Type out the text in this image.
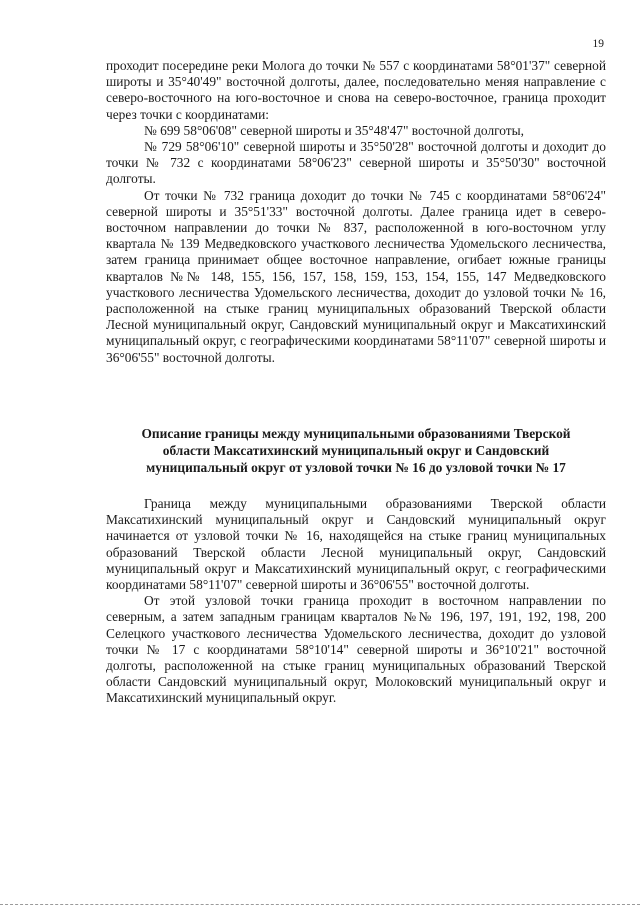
19

проходит посередине реки Молога до точки № 557 с координатами 58°01'37" северной широты и 35°40'49" восточной долготы, далее, последовательно меняя направление с северо-восточного на юго-восточное и снова на северо-восточное, граница проходит через точки с координатами:

№ 699 58°06'08" северной широты и 35°48'47" восточной долготы,

№ 729 58°06'10" северной широты и 35°50'28" восточной долготы и доходит до точки № 732 с координатами 58°06'23" северной широты и 35°50'30" восточной долготы.

От точки № 732 граница доходит до точки № 745 с координатами 58°06'24" северной широты и 35°51'33" восточной долготы. Далее граница идет в северо-восточном направлении до точки № 837, расположенной в юго-восточном углу квартала № 139 Медведковского участкового лесничества Удомельского лесничества, затем граница принимает общее восточное направление, огибает южные границы кварталов №№ 148, 155, 156, 157, 158, 159, 153, 154, 155, 147 Медведковского участкового лесничества Удомельского лесничества, доходит до узловой точки № 16, расположенной на стыке границ муниципальных образований Тверской области Лесной муниципальный округ, Сандовский муниципальный округ и Максатихинский муниципальный округ, с географическими координатами 58°11'07" северной широты и 36°06'55" восточной долготы.

Описание границы между муниципальными образованиями Тверской

области Максатихинский муниципальный округ и Сандовский

муниципальный округ от узловой точки № 16 до узловой точки № 17

Граница между муниципальными образованиями Тверской области Максатихинский муниципальный округ и Сандовский муниципальный округ начинается от узловой точки № 16, находящейся на стыке границ муниципальных образований Тверской области Лесной муниципальный округ, Сандовский муниципальный округ и Максатихинский муниципальный округ, с географическими координатами 58°11'07" северной широты и 36°06'55" восточной долготы.

От этой узловой точки граница проходит в восточном направлении по северным, а затем западным границам кварталов №№ 196, 197, 191, 192, 198, 200 Селецкого участкового лесничества Удомельского лесничества, доходит до узловой точки № 17 с координатами 58°10'14" северной широты и 36°10'21" восточной долготы, расположенной на стыке границ муниципальных образований Тверской области Сандовский муниципальный округ, Молоковский муниципальный округ и Максатихинский муниципальный округ.
